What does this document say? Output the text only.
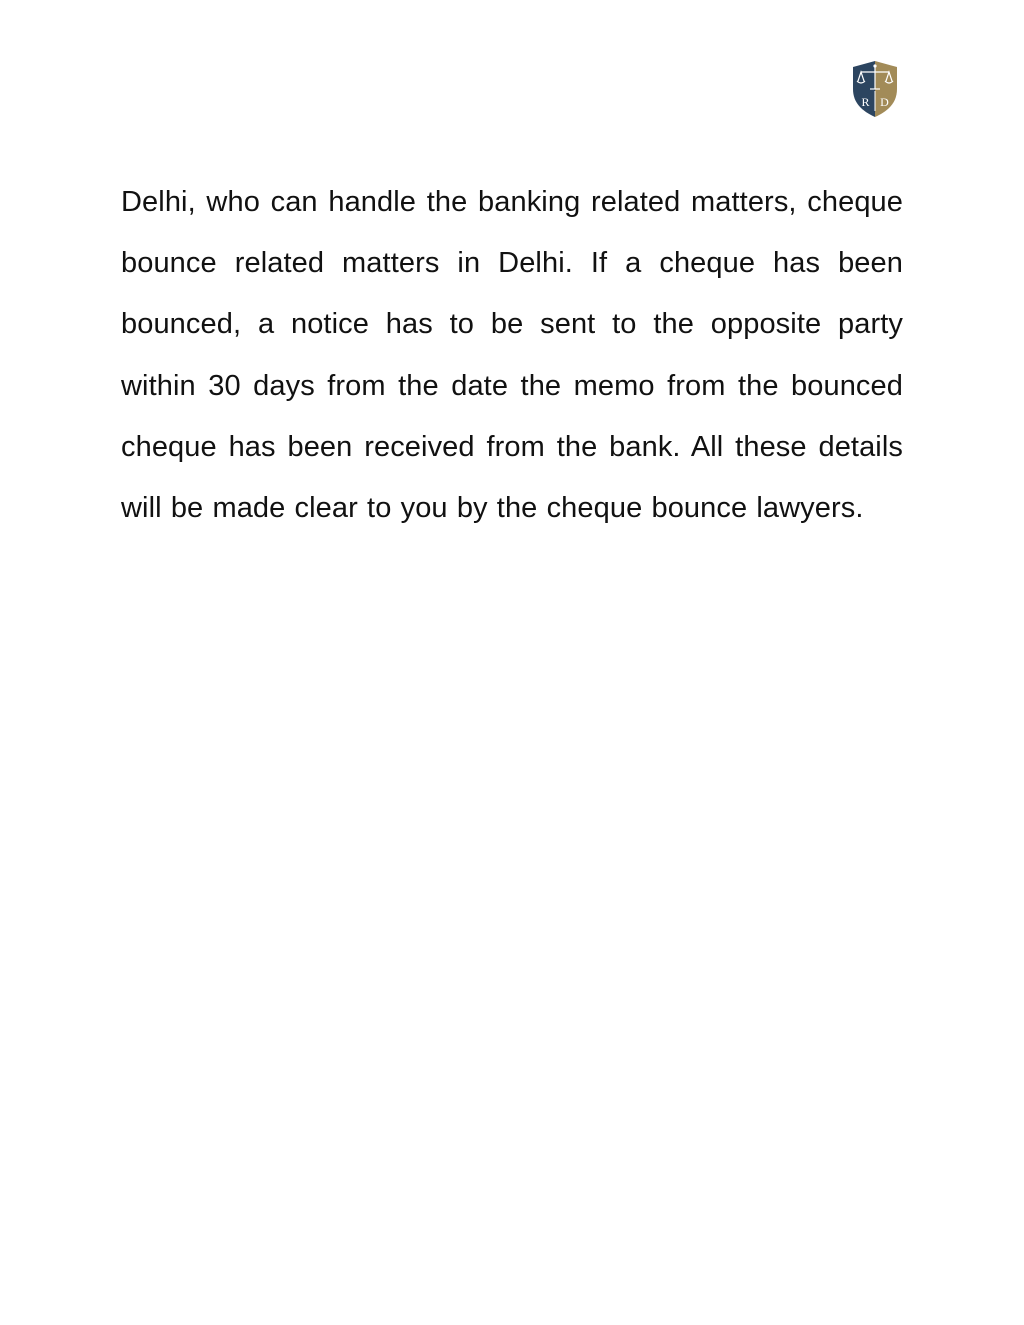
R D

Delhi, who can handle the banking related matters, cheque bounce related matters in Delhi. If a cheque has been bounced, a notice has to be sent to the opposite party within 30 days from the date the memo from the bounced cheque has been received from the bank. All these details will be made clear to you by the cheque bounce lawyers.
